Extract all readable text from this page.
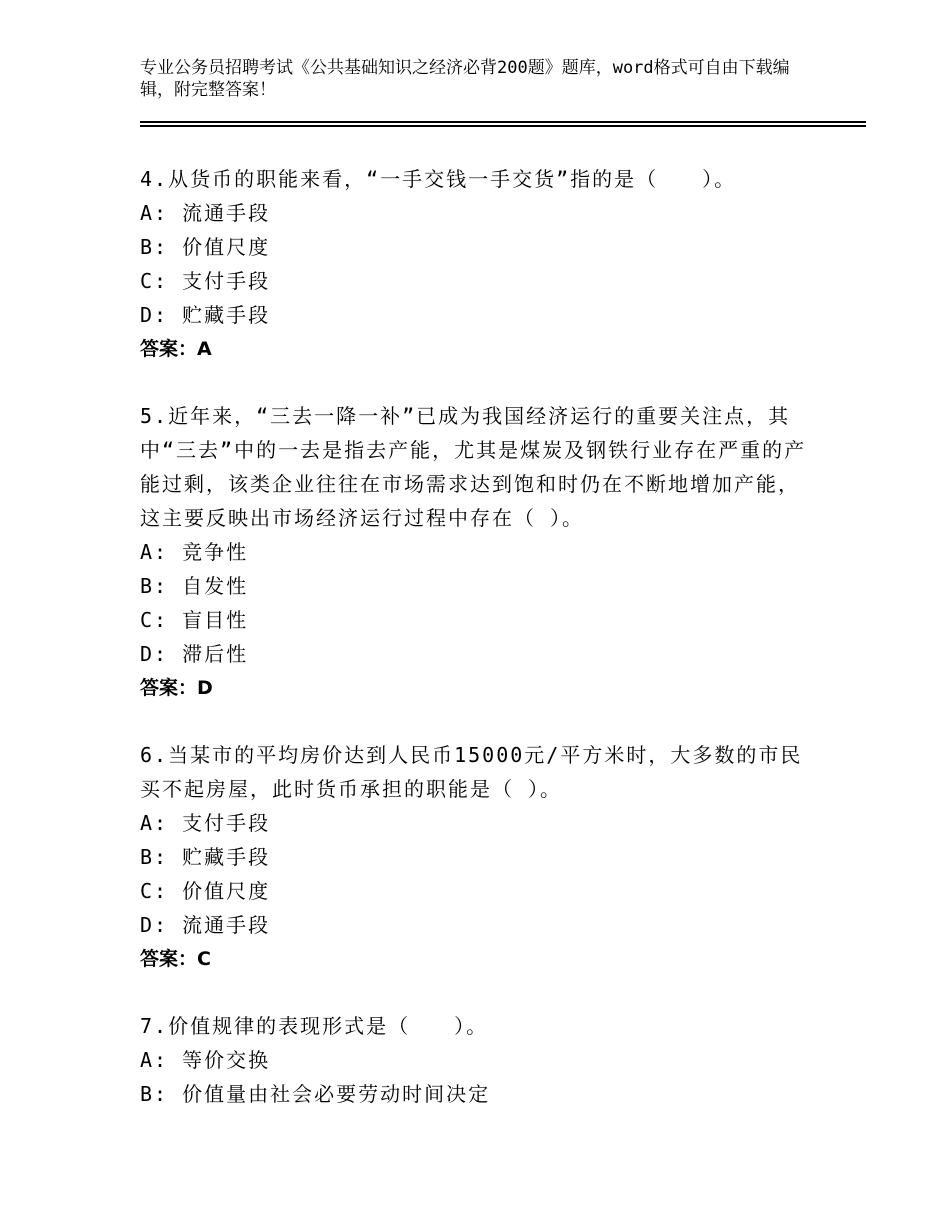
专业公务员招聘考试《公共基础知识之经济必背200题》题库，word格式可自由下载编辑，附完整答案！
4.从货币的职能来看，“一手交钱一手交货”指的是（　　）。
A: 流通手段
B: 价值尺度
C: 支付手段
D: 贮藏手段
答案：A
5.近年来，“三去一降一补”已成为我国经济运行的重要关注点，其中“三去”中的一去是指去产能，尤其是煤炭及钢铁行业存在严重的产能过剩，该类企业往往在市场需求达到饱和时仍在不断地增加产能，这主要反映出市场经济运行过程中存在（ ）。
A: 竞争性
B: 自发性
C: 盲目性
D: 滞后性
答案：D
6.当某市的平均房价达到人民币15000元/平方米时，大多数的市民买不起房屋，此时货币承担的职能是（ ）。
A: 支付手段
B: 贮藏手段
C: 价值尺度
D: 流通手段
答案：C
7.价值规律的表现形式是（　　）。
A: 等价交换
B: 价值量由社会必要劳动时间决定
